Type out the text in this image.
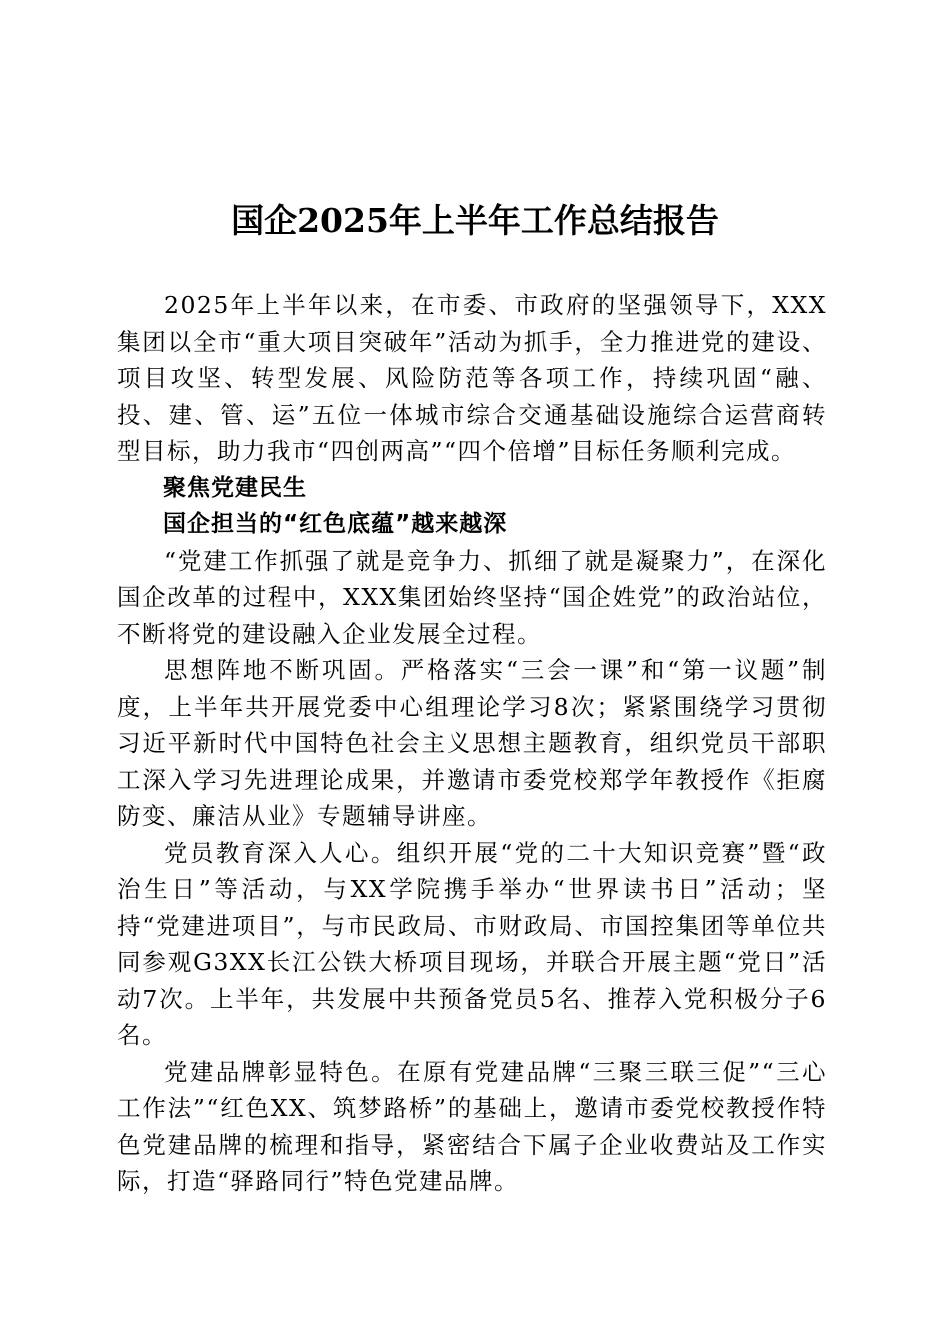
国企2025年上半年工作总结报告

2025年上半年以来，在市委、市政府的坚强领导下，XXX集团以全市“重大项目突破年”活动为抓手，全力推进党的建设、项目攻坚、转型发展、风险防范等各项工作，持续巩固“融、投、建、管、运”五位一体城市综合交通基础设施综合运营商转型目标，助力我市“四创两高”“四个倍增”目标任务顺利完成。

聚焦党建民生

国企担当的“红色底蕴”越来越深

“党建工作抓强了就是竞争力、抓细了就是凝聚力”，在深化国企改革的过程中，XXX集团始终坚持“国企姓党”的政治站位，不断将党的建设融入企业发展全过程。

思想阵地不断巩固。严格落实“三会一课”和“第一议题”制度，上半年共开展党委中心组理论学习8次；紧紧围绕学习贯彻习近平新时代中国特色社会主义思想主题教育，组织党员干部职工深入学习先进理论成果，并邀请市委党校郑学年教授作《拒腐防变、廉洁从业》专题辅导讲座。

党员教育深入人心。组织开展“党的二十大知识竞赛”暨“政治生日”等活动，与XX学院携手举办“世界读书日”活动；坚持“党建进项目”，与市民政局、市财政局、市国控集团等单位共同参观G3XX长江公铁大桥项目现场，并联合开展主题“党日”活动7次。上半年，共发展中共预备党员5名、推荐入党积极分子6名。

党建品牌彰显特色。在原有党建品牌“三聚三联三促”“三心工作法”“红色XX、筑梦路桥”的基础上，邀请市委党校教授作特色党建品牌的梳理和指导，紧密结合下属子企业收费站及工作实际，打造“驿路同行”特色党建品牌。
